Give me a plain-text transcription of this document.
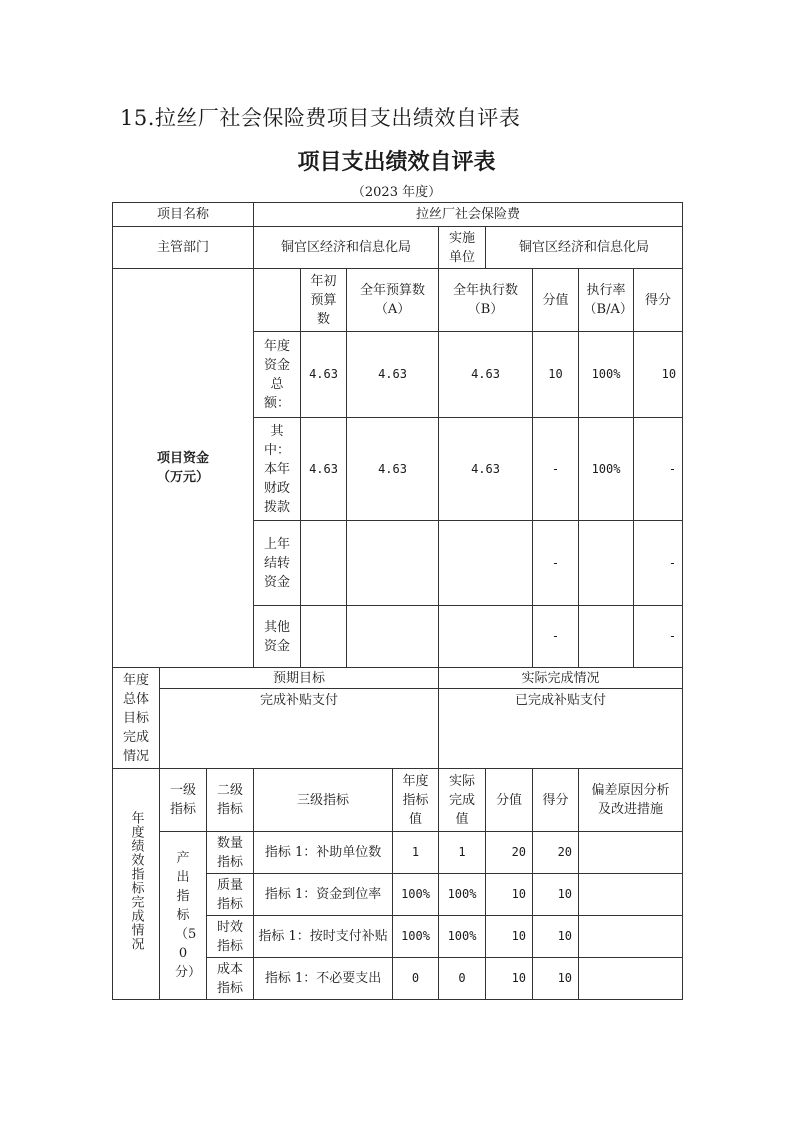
15.拉丝厂社会保险费项目支出绩效自评表
项目支出绩效自评表
（2023 年度）
项目名称			拉丝厂社会保险费								
主管部门			铜官区经济和信息化局				实施单位	铜官区经济和信息化局			
项目资金（万元）				年初预算数	全年预算数（A）		全年执行数（B）		分值	执行率（B/A）	得分
			年度资金总额：	4.63	4.63		4.63		10	100%	10
			其中：本年财政拨款	4.63	4.63		4.63		-	100%	-
			上年结转资金						-		-
			其他资金						-		-
年度总体目标完成情况	预期目标						实际完成情况				
	完成补贴支付						已完成补贴支付				
年度绩效指标完成情况	一级指标	二级指标	三级指标			年度指标值	实际完成值	分值	得分	偏差原因分析及改进措施	
	产出指标（50分）	数量指标	指标 1：补助单位数			1	1	20	20		
		质量指标	指标 1：资金到位率			100%	100%	10	10		
		时效指标	指标 1：按时支付补贴			100%	100%	10	10		
		成本指标	指标 1：不必要支出			0	0	10	10		
